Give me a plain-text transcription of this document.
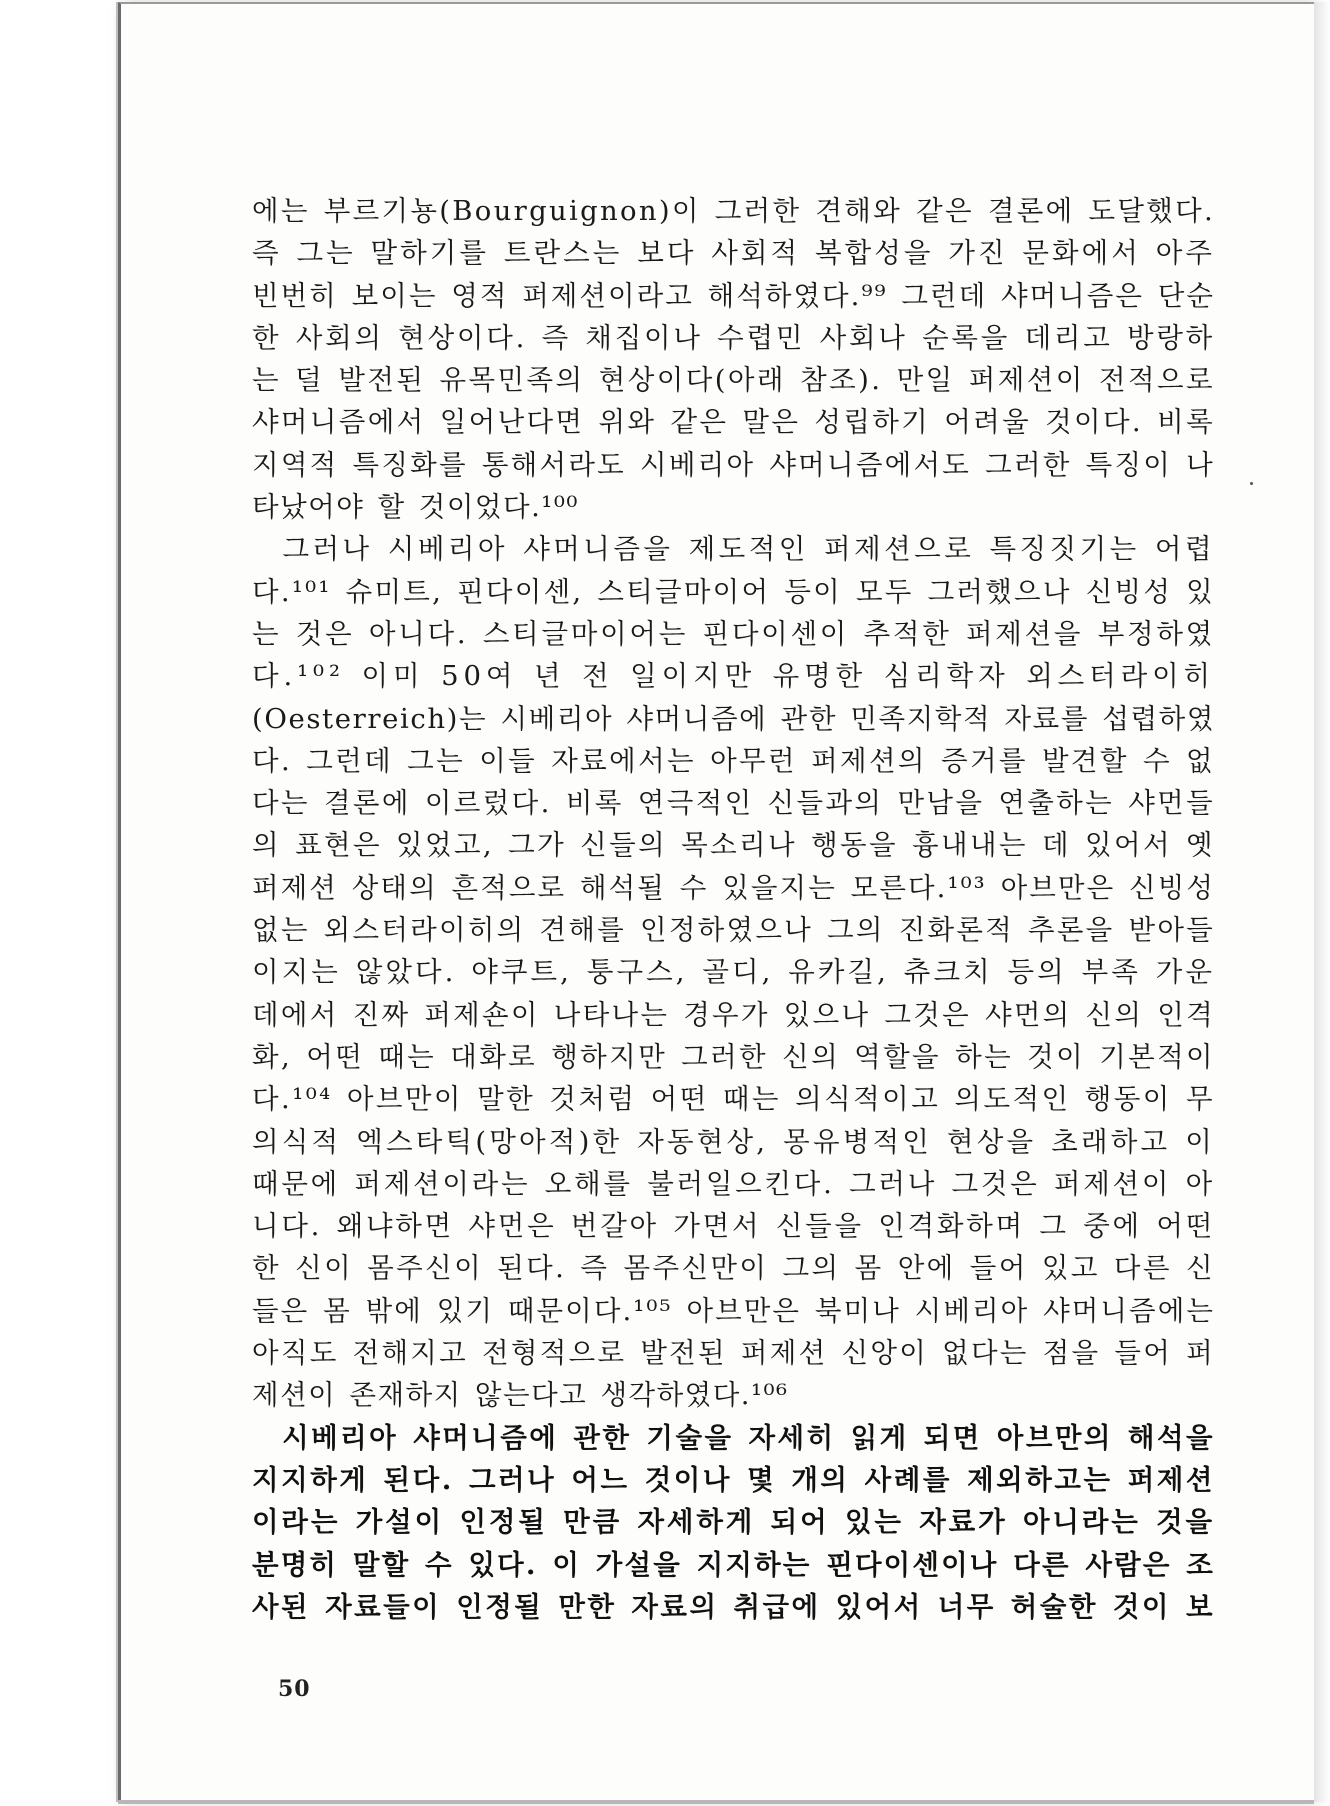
에는 부르기뇽(Bourguignon)이 그러한 견해와 같은 결론에 도달했다.
즉 그는 말하기를 트란스는 보다 사회적 복합성을 가진 문화에서 아주
빈번히 보이는 영적 퍼제션이라고 해석하였다.⁹⁹ 그런데 샤머니즘은 단순
한 사회의 현상이다. 즉 채집이나 수렵민 사회나 순록을 데리고 방랑하
는 덜 발전된 유목민족의 현상이다(아래 참조). 만일 퍼제션이 전적으로
샤머니즘에서 일어난다면 위와 같은 말은 성립하기 어려울 것이다. 비록
지역적 특징화를 통해서라도 시베리아 샤머니즘에서도 그러한 특징이 나
타났어야 할 것이었다.¹⁰⁰
그러나 시베리아 샤머니즘을 제도적인 퍼제션으로 특징짓기는 어렵
다.¹⁰¹ 슈미트, 핀다이센, 스티글마이어 등이 모두 그러했으나 신빙성 있
는 것은 아니다. 스티글마이어는 핀다이센이 추적한 퍼제션을 부정하였
다.¹⁰² 이미 50여 년 전 일이지만 유명한 심리학자 외스터라이히
(Oesterreich)는 시베리아 샤머니즘에 관한 민족지학적 자료를 섭렵하였
다. 그런데 그는 이들 자료에서는 아무런 퍼제션의 증거를 발견할 수 없
다는 결론에 이르렀다. 비록 연극적인 신들과의 만남을 연출하는 샤먼들
의 표현은 있었고, 그가 신들의 목소리나 행동을 흉내내는 데 있어서 옛
퍼제션 상태의 흔적으로 해석될 수 있을지는 모른다.¹⁰³ 아브만은 신빙성
없는 외스터라이히의 견해를 인정하였으나 그의 진화론적 추론을 받아들
이지는 않았다. 야쿠트, 퉁구스, 골디, 유카길, 츄크치 등의 부족 가운
데에서 진짜 퍼제숀이 나타나는 경우가 있으나 그것은 샤먼의 신의 인격
화, 어떤 때는 대화로 행하지만 그러한 신의 역할을 하는 것이 기본적이
다.¹⁰⁴ 아브만이 말한 것처럼 어떤 때는 의식적이고 의도적인 행동이 무
의식적 엑스타틱(망아적)한 자동현상, 몽유병적인 현상을 초래하고 이
때문에 퍼제션이라는 오해를 불러일으킨다. 그러나 그것은 퍼제션이 아
니다. 왜냐하면 샤먼은 번갈아 가면서 신들을 인격화하며 그 중에 어떤
한 신이 몸주신이 된다. 즉 몸주신만이 그의 몸 안에 들어 있고 다른 신
들은 몸 밖에 있기 때문이다.¹⁰⁵ 아브만은 북미나 시베리아 샤머니즘에는
아직도 전해지고 전형적으로 발전된 퍼제션 신앙이 없다는 점을 들어 퍼
제션이 존재하지 않는다고 생각하였다.¹⁰⁶
시베리아 샤머니즘에 관한 기술을 자세히 읽게 되면 아브만의 해석을
지지하게 된다. 그러나 어느 것이나 몇 개의 사례를 제외하고는 퍼제션
이라는 가설이 인정될 만큼 자세하게 되어 있는 자료가 아니라는 것을
분명히 말할 수 있다. 이 가설을 지지하는 핀다이센이나 다른 사람은 조
사된 자료들이 인정될 만한 자료의 취급에 있어서 너무 허술한 것이 보
50
